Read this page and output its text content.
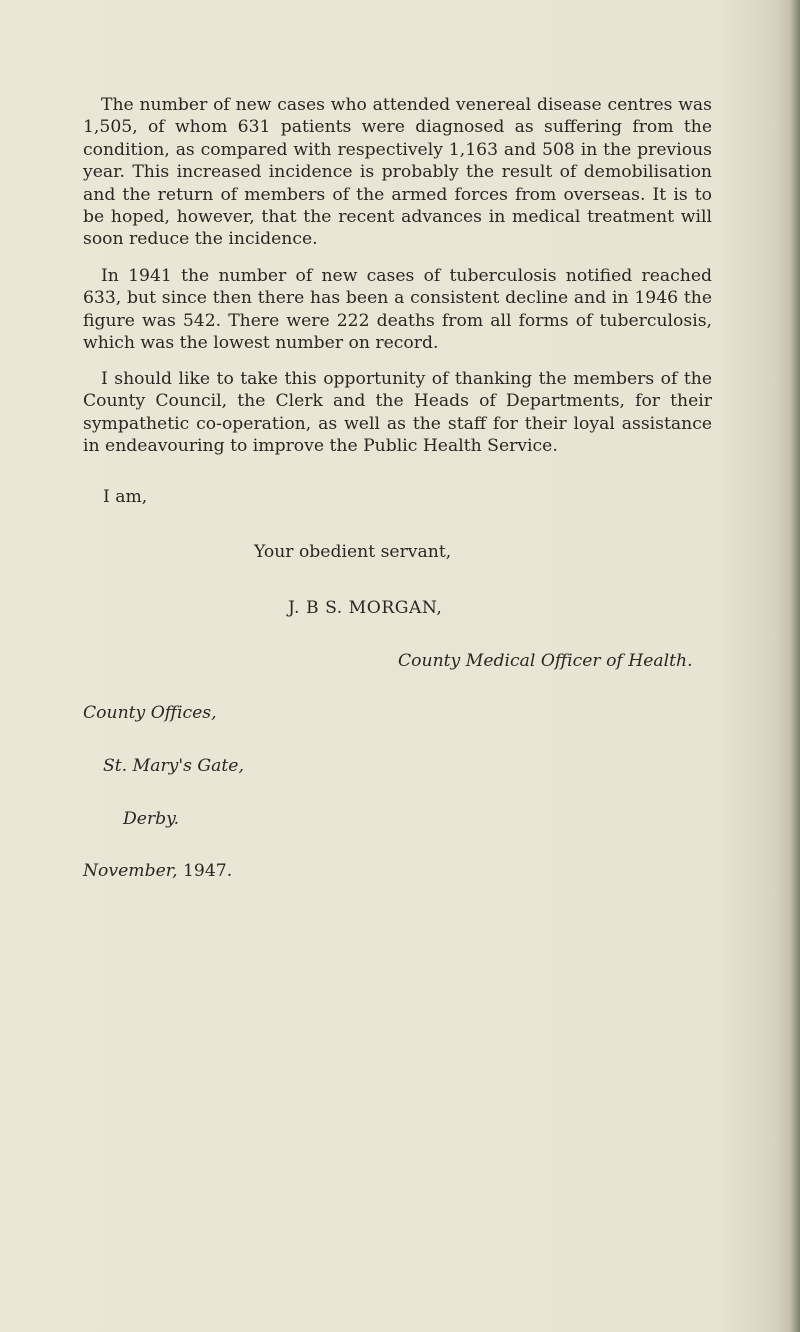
The number of new cases who attended venereal disease centres was 1,505, of whom 631 patients were diagnosed as suffering from the condition, as compared with respectively 1,163 and 508 in the previous year. This increased incidence is probably the result of demobilisation and the return of members of the armed forces from overseas. It is to be hoped, however, that the recent advances in medical treatment will soon reduce the incidence.

In 1941 the number of new cases of tuberculosis notified reached 633, but since then there has been a consistent decline and in 1946 the figure was 542. There were 222 deaths from all forms of tuberculosis, which was the lowest number on record.

I should like to take this opportunity of thanking the members of the County Council, the Clerk and the Heads of Departments, for their sympathetic co-operation, as well as the staff for their loyal assistance in endeavouring to improve the Public Health Service.

I am,

Your obedient servant,

J. B S. MORGAN,

County Medical Officer of Health.

County Offices,

St. Mary's Gate,

Derby.

November, 1947.
